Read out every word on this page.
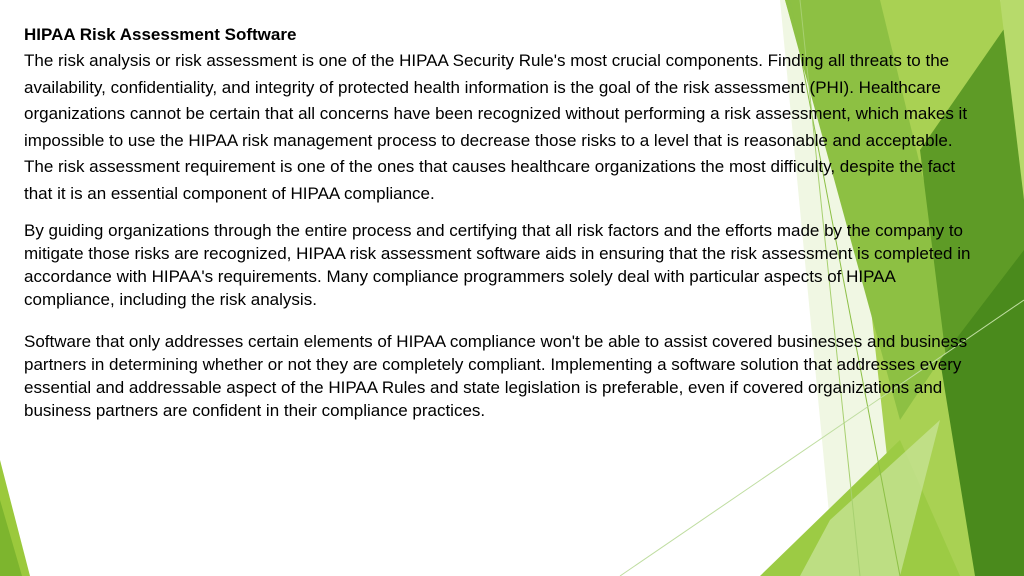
HIPAA Risk Assessment Software

The risk analysis or risk assessment is one of the HIPAA Security Rule's most crucial components. Finding all threats to the availability, confidentiality, and integrity of protected health information is the goal of the risk assessment (PHI). Healthcare organizations cannot be certain that all concerns have been recognized without performing a risk assessment, which makes it impossible to use the HIPAA risk management process to decrease those risks to a level that is reasonable and acceptable. The risk assessment requirement is one of the ones that causes healthcare organizations the most difficulty, despite the fact that it is an essential component of HIPAA compliance.

By guiding organizations through the entire process and certifying that all risk factors and the efforts made by the company to mitigate those risks are recognized, HIPAA risk assessment software aids in ensuring that the risk assessment is completed in accordance with HIPAA's requirements. Many compliance programmers solely deal with particular aspects of HIPAA compliance, including the risk analysis.

Software that only addresses certain elements of HIPAA compliance won't be able to assist covered businesses and business partners in determining whether or not they are completely compliant. Implementing a software solution that addresses every essential and addressable aspect of the HIPAA Rules and state legislation is preferable, even if covered organizations and business partners are confident in their compliance practices.
